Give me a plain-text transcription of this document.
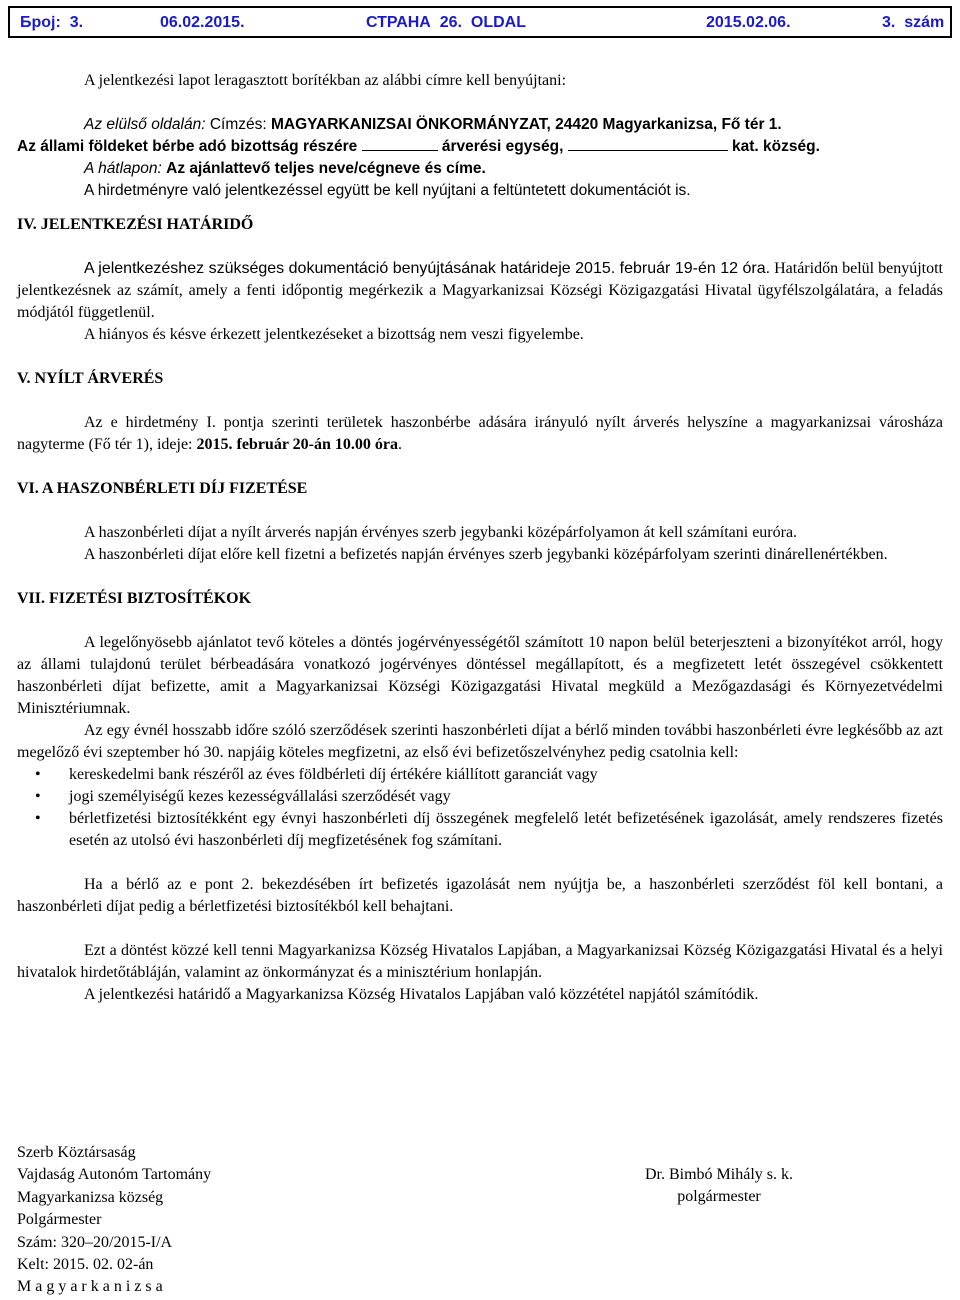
Број:  3.	06.02.2015.	СТРАНА  26.  OLDAL	2015.02.06.	3.  szám
A jelentkezési lapot leragasztott borítékban az alábbi címre kell benyújtani:
Az elülső oldalán: Címzés: MAGYARKANIZSAI ÖNKORMÁNYZAT, 24420 Magyarkanizsa, Fő tér 1.
Az állami földeket bérbe adó bizottság részére	árverési egység,	kat. község.
A hátlapon: Az ajánlattevő teljes neve/cégneve és címe.
A hirdetményre való jelentkezéssel együtt be kell nyújtani a feltüntetett dokumentációt is.
IV. JELENTKEZÉSI HATÁRIDŐ
A jelentkezéshez szükséges dokumentáció benyújtásának határideje 2015. február 19-én 12 óra. Határidőn belül benyújtott jelentkezésnek az számít, amely a fenti időpontig megérkezik a Magyarkanizsai Községi Közigazgatási Hivatal ügyfélszolgálatára, a feladás módjától függetlenül.
A hiányos és késve érkezett jelentkezéseket a bizottság nem veszi figyelembe.
V. NYÍLT ÁRVERÉS
Az e hirdetmény I. pontja szerinti területek haszonbérbe adására irányuló nyílt árverés helyszíne a magyarkanizsai városháza nagyterme (Fő tér 1), ideje: 2015. február 20-án 10.00 óra.
VI. A HASZONBÉRLETI DÍJ FIZETÉSE
A haszonbérleti díjat a nyílt árverés napján érvényes szerb jegybanki középárfolyamon át kell számítani euróra.
A haszonbérleti díjat előre kell fizetni a befizetés napján érvényes szerb jegybanki középárfolyam szerinti dinárellenértékben.
VII. FIZETÉSI BIZTOSÍTÉKOK
A legelőnyösebb ajánlatot tevő köteles a döntés jogérvényességétől számított 10 napon belül beterjeszteni a bizonyítékot arról, hogy az állami tulajdonú terület bérbeadására vonatkozó jogérvényes döntéssel megállapított, és a megfizetett letét összegével csökkentett haszonbérleti díjat befizette, amit a Magyarkanizsai Községi Közigazgatási Hivatal megküld a Mezőgazdasági és Környezetvédelmi Minisztériumnak.
Az egy évnél hosszabb időre szóló szerződések szerinti haszonbérleti díjat a bérlő minden további haszonbérleti évre legkésőbb az azt megelőző évi szeptember hó 30. napjáig köteles megfizetni, az első évi befizetőszelvényhez pedig csatolnia kell:
• kereskedelmi bank részéről az éves földbérleti díj értékére kiállított garanciát vagy
• jogi személyiségű kezes kezességvállalási szerződését vagy
• bérletfizetési biztosítékként egy évnyi haszonbérleti díj összegének megfelelő letét befizetésének igazolását, amely rendszeres fizetés esetén az utolsó évi haszonbérleti díj megfizetésének fog számítani.
Ha a bérlő az e pont 2. bekezdésében írt befizetés igazolását nem nyújtja be, a haszonbérleti szerződést föl kell bontani, a haszonbérleti díjat pedig a bérletfizetési biztosítékból kell behajtani.
Ezt a döntést közzé kell tenni Magyarkanizsa Község Hivatalos Lapjában, a Magyarkanizsai Község Közigazgatási Hivatal és a helyi hivatalok hirdetőtábláján, valamint az önkormányzat és a minisztérium honlapján.
A jelentkezési határidő a Magyarkanizsa Község Hivatalos Lapjában való közzététel napjától számítódik.
Szerb Köztársaság
Vajdaság Autonóm Tartomány
Magyarkanizsa község
Polgármester
Szám: 320–20/2015-I/A
Kelt: 2015. 02. 02-án
Magyarkanizsa
Dr. Bimbó Mihály s. k.
polgármester
